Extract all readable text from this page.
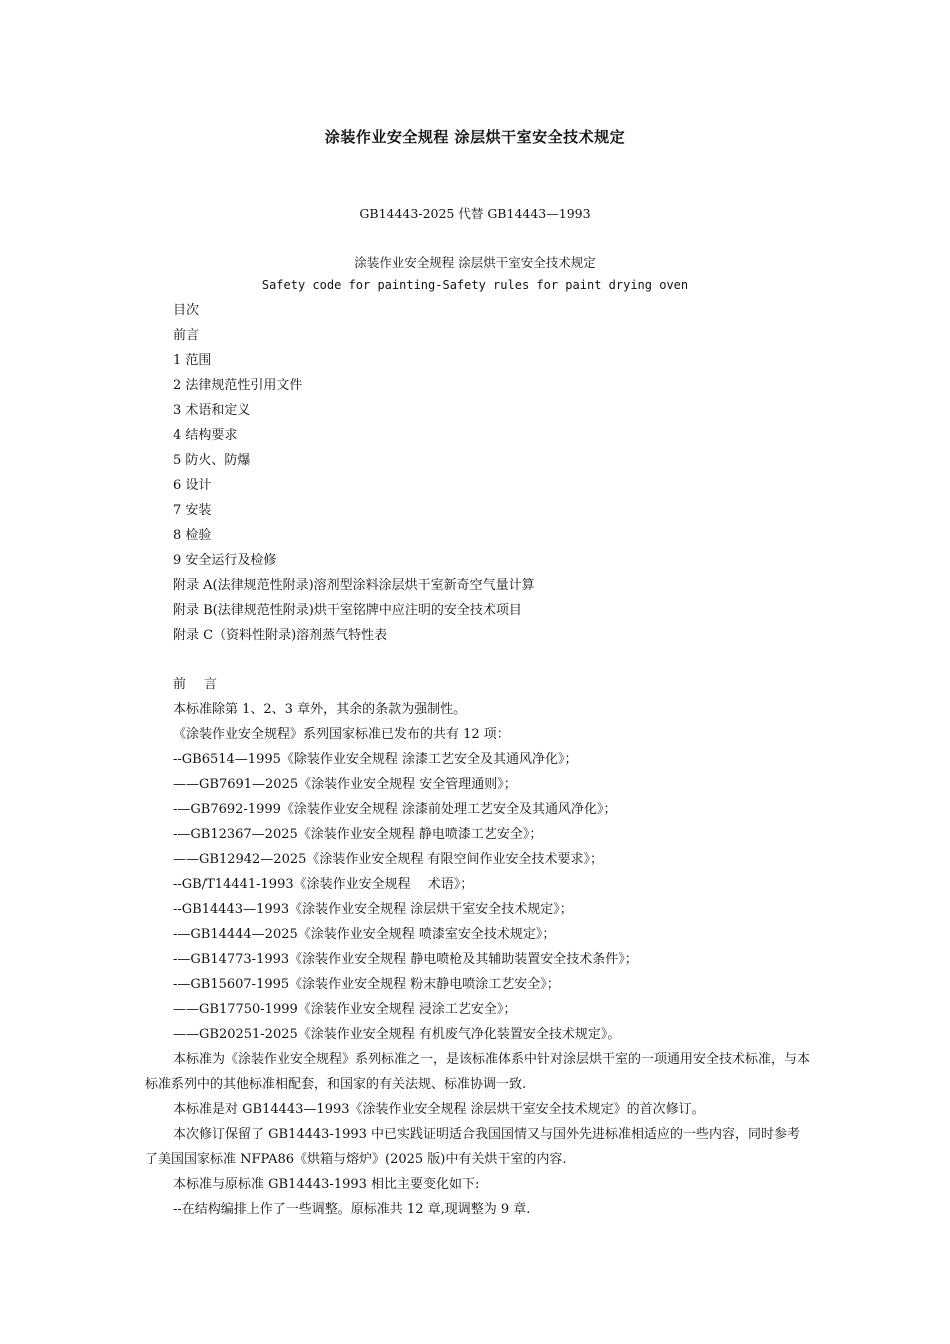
涂装作业安全规程 涂层烘干室安全技术规定
GB14443-2025 代替 GB14443—1993
涂装作业安全规程 涂层烘干室安全技术规定
Safety code for painting-Safety rules for paint drying oven
目次
前言
1 范围
2 法律规范性引用文件
3 术语和定义
4 结构要求
5 防火、防爆
6 设计
7 安装
8 检验
9 安全运行及检修
附录 A(法律规范性附录)溶剂型涂料涂层烘干室新奇空气量计算
附录 B(法律规范性附录)烘干室铭牌中应注明的安全技术项目
附录 C（资料性附录)溶剂蒸气特性表
前言
本标准除第 1、2、3 章外，其余的条款为强制性。
《涂装作业安全规程》系列国家标准已发布的共有 12 项：
--GB6514—1995《除装作业安全规程 涂漆工艺安全及其通风净化》；
——GB7691—2025《涂装作业安全规程 安全管理通则》；
-—GB7692-1999《涂装作业安全规程 涂漆前处理工艺安全及其通风净化》；
-—GB12367—2025《涂装作业安全规程 静电喷漆工艺安全》；
——GB12942—2025《涂装作业安全规程 有限空间作业安全技术要求》；
--GB/T14441-1993《涂装作业安全规程　 术语》；
--GB14443—1993《涂装作业安全规程 涂层烘干室安全技术规定》；
-—GB14444—2025《涂装作业安全规程 喷漆室安全技术规定》；
-—GB14773-1993《涂装作业安全规程 静电喷枪及其辅助装置安全技术条件》；
-—GB15607-1995《涂装作业安全规程 粉末静电喷涂工艺安全》；
——GB17750-1999《涂装作业安全规程 浸涂工艺安全》；
——GB20251-2025《涂装作业安全规程 有机废气净化装置安全技术规定》。
本标准为《涂装作业安全规程》系列标准之一，是该标准体系中针对涂层烘干室的一项通用安全技术标准，与本标准系列中的其他标准相配套，和国家的有关法规、标准协调一致.
本标准是对 GB14443—1993《涂装作业安全规程 涂层烘干室安全技术规定》的首次修订。
本次修订保留了 GB14443-1993 中已实践证明适合我国国情又与国外先进标准相适应的一些内容，同时参考了美国国家标准 NFPA86《烘箱与熔炉》(2025 版)中有关烘干室的内容.
本标准与原标准 GB14443-1993 相比主要变化如下:
--在结构编排上作了一些调整。原标准共 12 章,现调整为 9 章.
